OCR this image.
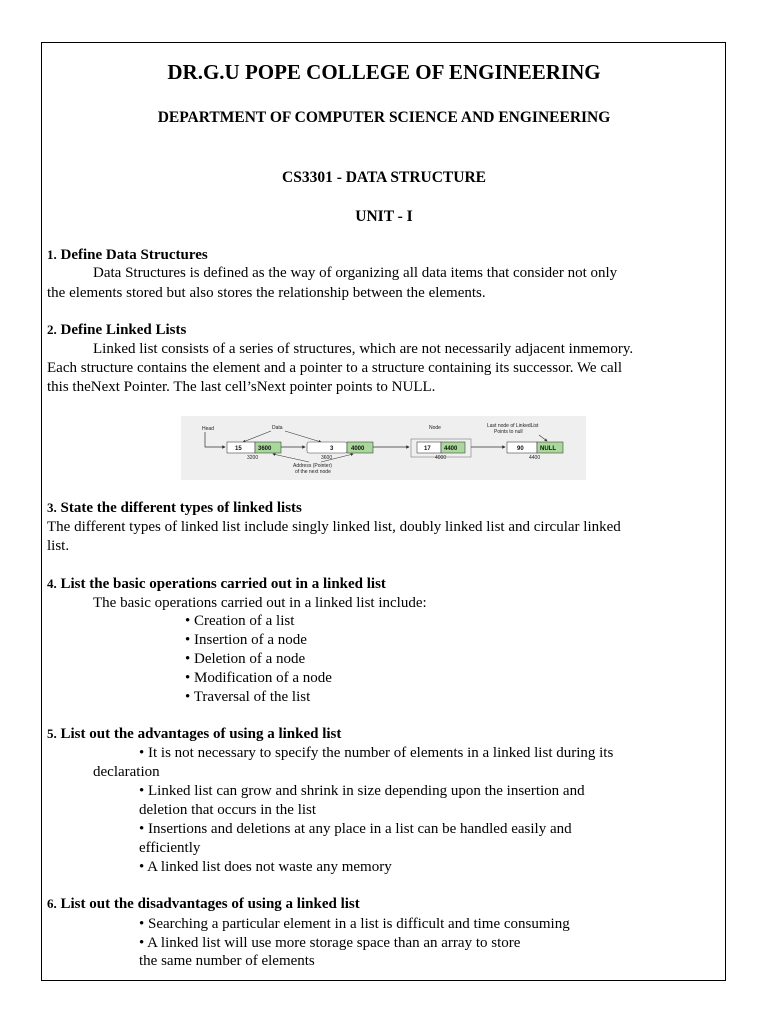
DR.G.U POPE COLLEGE OF ENGINEERING
DEPARTMENT OF COMPUTER SCIENCE AND ENGINEERING
CS3301 - DATA STRUCTURE
UNIT - I
1. Define Data Structures
Data Structures is defined as the way of organizing all data items that consider not only
the elements stored but also stores the relationship between the elements.
2. Define Linked Lists
Linked list consists of a series of structures, which are not necessarily adjacent inmemory.
Each structure contains the element and a pointer to a structure containing its successor. We call
this theNext Pointer. The last cell’sNext pointer points to NULL.
Head	Data
15	3600
3200
3	4000
3600
Address (Pointer)
of the next node
Node
17 4400
4000
Last node of LinkedList
Points to null
90	NULL
4400
3. State the different types of linked lists
The different types of linked list include singly linked list, doubly linked list and circular linked
list.
4. List the basic operations carried out in a linked list
The basic operations carried out in a linked list include:
• Creation of a list
• Insertion of a node
• Deletion of a node
• Modification of a node
• Traversal of the list
5. List out the advantages of using a linked list
• It is not necessary to specify the number of elements in a linked list during its
declaration
• Linked list can grow and shrink in size depending upon the insertion and
deletion that occurs in the list
• Insertions and deletions at any place in a list can be handled easily and
efficiently
• A linked list does not waste any memory
6. List out the disadvantages of using a linked list
• Searching a particular element in a list is difficult and time consuming
• A linked list will use more storage space than an array to store
the same number of elements
